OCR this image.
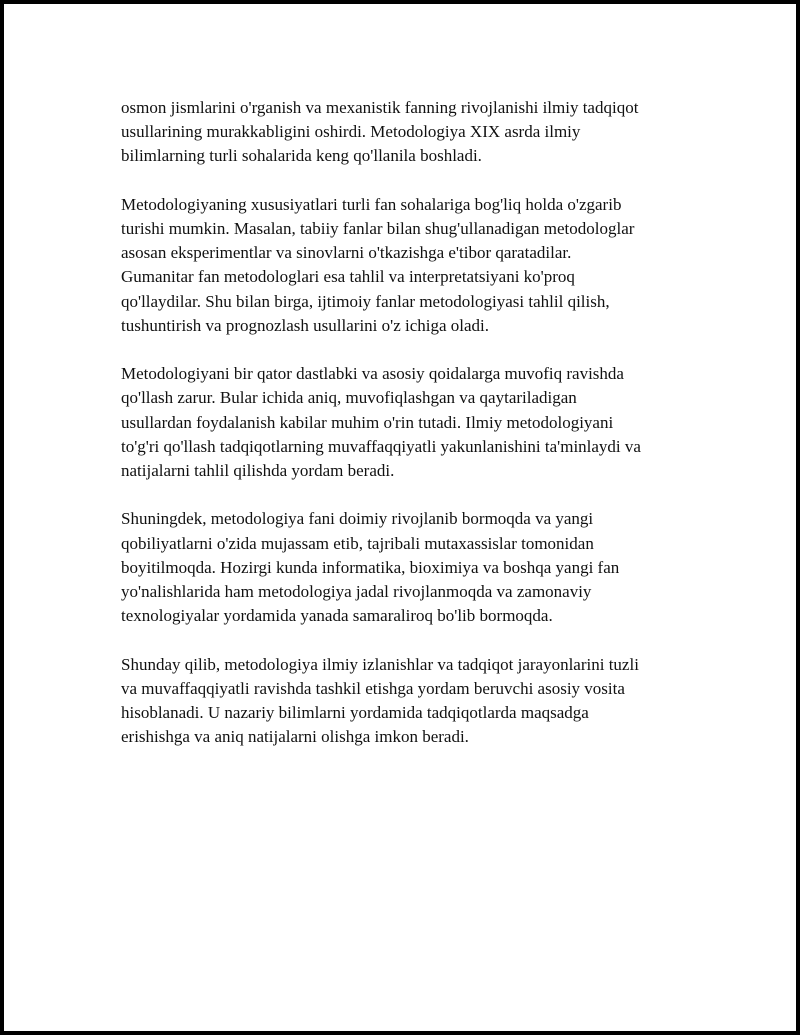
osmon jismlarini o'rganish va mexanistik fanning rivojlanishi ilmiy tadqiqot
usullarining murakkabligini oshirdi. Metodologiya XIX asrda ilmiy
bilimlarning turli sohalarida keng qo'llanila boshladi.

Metodologiyaning xususiyatlari turli fan sohalariga bog'liq holda o'zgarib
turishi mumkin. Masalan, tabiiy fanlar bilan shug'ullanadigan metodologlar
asosan eksperimentlar va sinovlarni o'tkazishga e'tibor qaratadilar.
Gumanitar fan metodologlari esa tahlil va interpretatsiyani ko'proq
qo'llaydilar. Shu bilan birga, ijtimoiy fanlar metodologiyasi tahlil qilish,
tushuntirish va prognozlash usullarini o'z ichiga oladi.

Metodologiyani bir qator dastlabki va asosiy qoidalarga muvofiq ravishda
qo'llash zarur. Bular ichida aniq, muvofiqlashgan va qaytariladigan
usullardan foydalanish kabilar muhim o'rin tutadi. Ilmiy metodologiyani
to'g'ri qo'llash tadqiqotlarning muvaffaqqiyatli yakunlanishini ta'minlaydi va
natijalarni tahlil qilishda yordam beradi.

Shuningdek, metodologiya fani doimiy rivojlanib bormoqda va yangi
qobiliyatlarni o'zida mujassam etib, tajribali mutaxassislar tomonidan
boyitilmoqda. Hozirgi kunda informatika, bioximiya va boshqa yangi fan
yo'nalishlarida ham metodologiya jadal rivojlanmoqda va zamonaviy
texnologiyalar yordamida yanada samaraliroq bo'lib bormoqda.

Shunday qilib, metodologiya ilmiy izlanishlar va tadqiqot jarayonlarini tuzli
va muvaffaqqiyatli ravishda tashkil etishga yordam beruvchi asosiy vosita
hisoblanadi. U nazariy bilimlarni yordamida tadqiqotlarda maqsadga
erishishga va aniq natijalarni olishga imkon beradi.
